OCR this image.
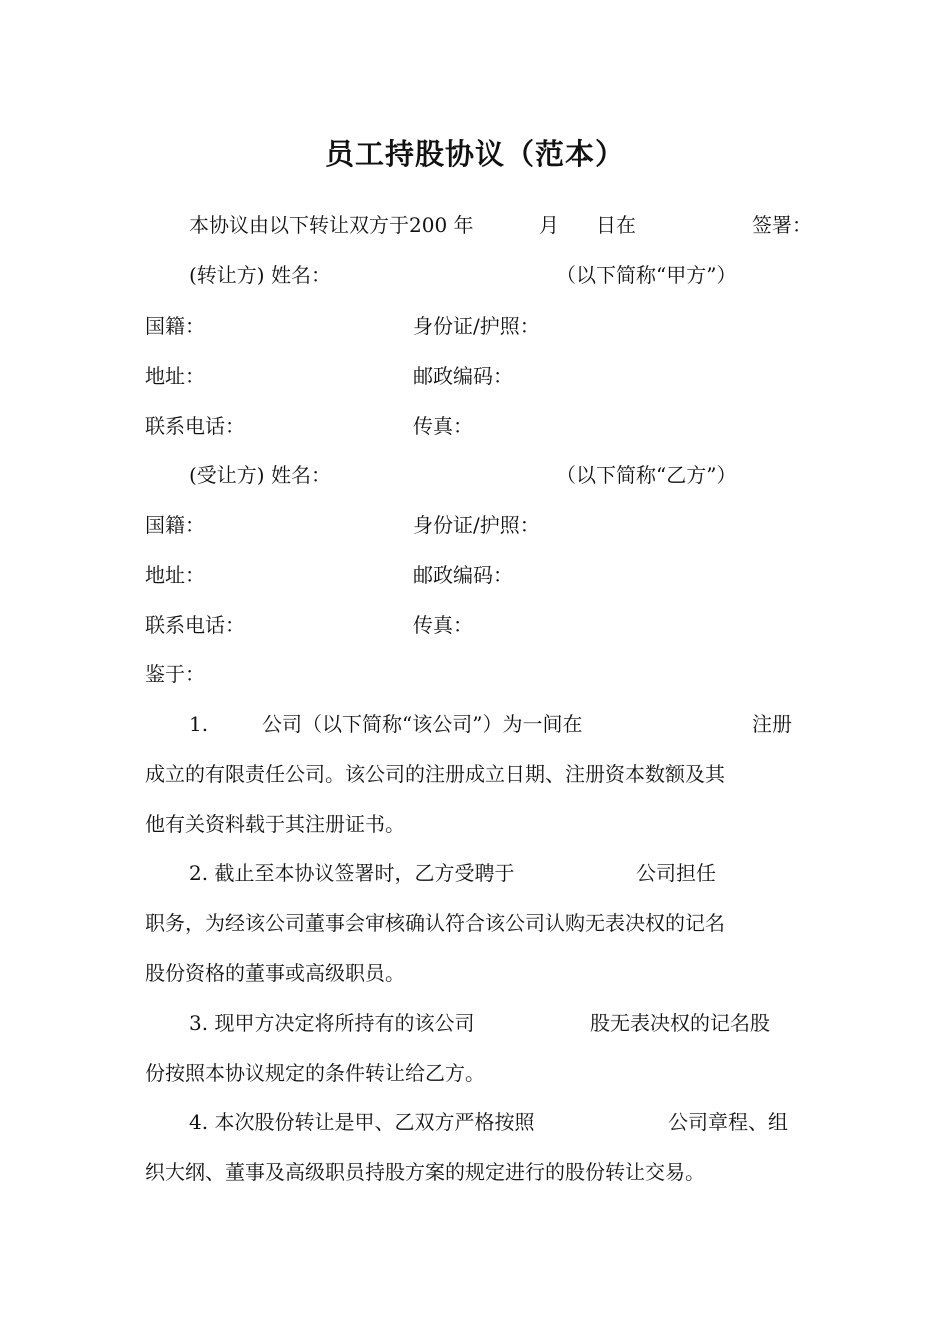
员工持股协议（范本）
本协议由以下转让双方于200 年	月 日在	签署：
(转让方) 姓名：	（以下简称“甲方”）
国籍：	身份证/护照：
地址：	邮政编码：
联系电话：	传真：
(受让方) 姓名：	（以下简称“乙方”）
国籍：	身份证/护照：
地址：	邮政编码：
联系电话：	传真：
鉴于：
1.	公司（以下简称“该公司”）为一间在	注册
成立的有限责任公司。该公司的注册成立日期、注册资本数额及其
他有关资料载于其注册证书。
2. 截止至本协议签署时，乙方受聘于	公司担任
职务，为经该公司董事会审核确认符合该公司认购无表决权的记名
股份资格的董事或高级职员。
3. 现甲方决定将所持有的该公司	股无表决权的记名股
份按照本协议规定的条件转让给乙方。
4. 本次股份转让是甲、乙双方严格按照	公司章程、组
织大纲、董事及高级职员持股方案的规定进行的股份转让交易。
